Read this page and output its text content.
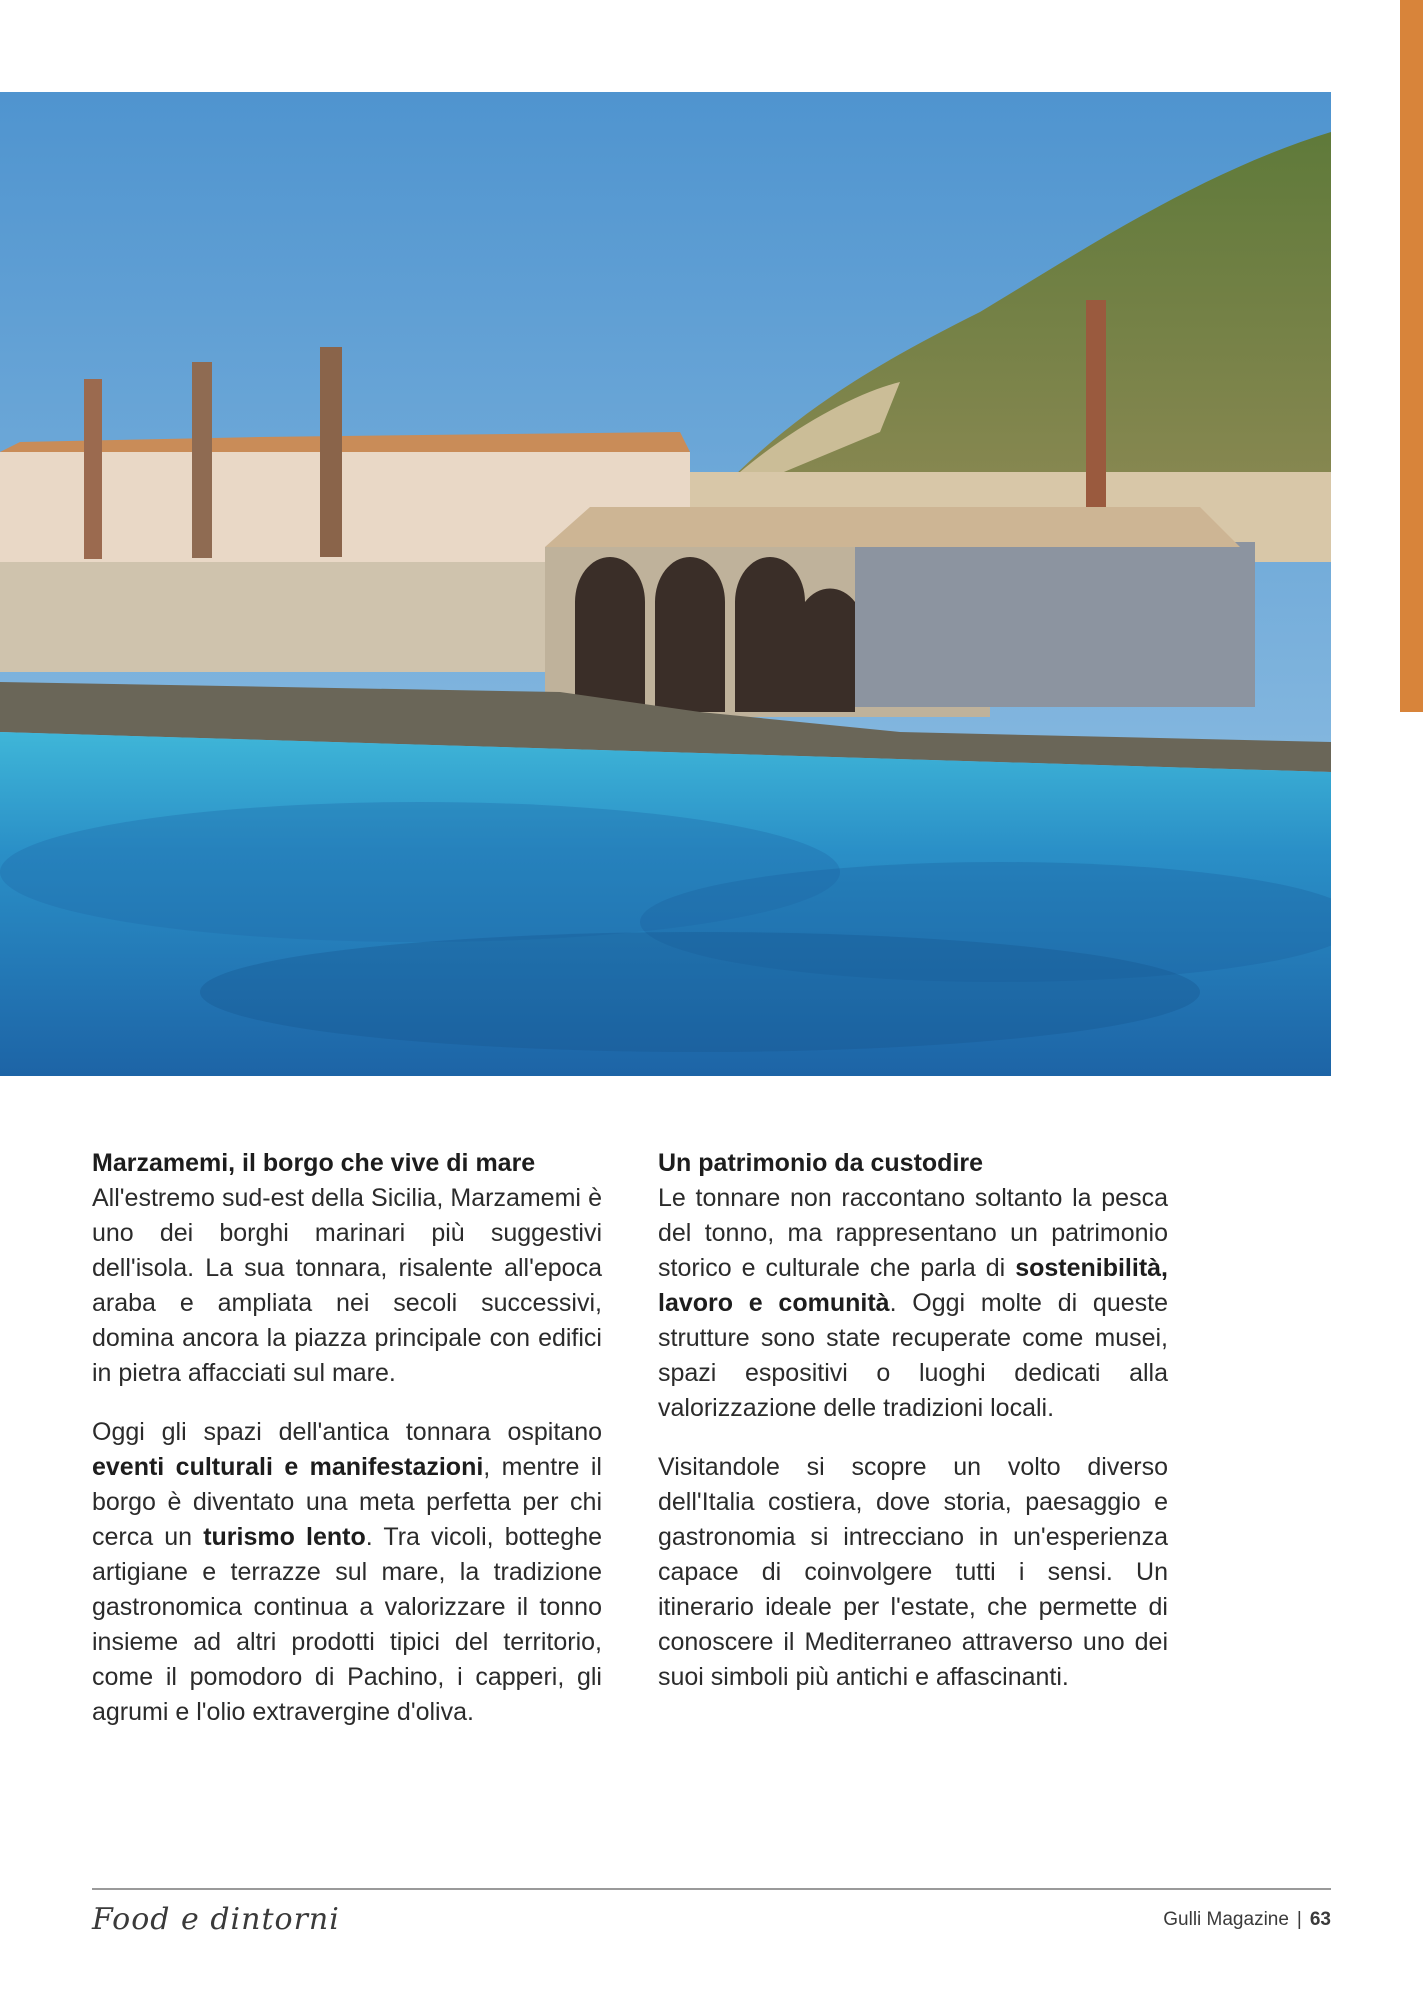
Marzamemi, il borgo che vive di mare

All'estremo sud-est della Sicilia, Marzamemi è uno dei borghi marinari più suggestivi dell'isola. La sua tonnara, risalente all'epoca araba e ampliata nei secoli successivi, domina ancora la piazza principale con edifici in pietra affacciati sul mare.

Oggi gli spazi dell'antica tonnara ospitano eventi culturali e manifestazioni, mentre il borgo è diventato una meta perfetta per chi cerca un turismo lento. Tra vicoli, botteghe artigiane e terrazze sul mare, la tradizione gastronomica continua a valorizzare il tonno insieme ad altri prodotti tipici del territorio, come il pomodoro di Pachino, i capperi, gli agrumi e l'olio extravergine d'oliva.

Un patrimonio da custodire

Le tonnare non raccontano soltanto la pesca del tonno, ma rappresentano un patrimonio storico e culturale che parla di sostenibilità, lavoro e comunità. Oggi molte di queste strutture sono state recuperate come musei, spazi espositivi o luoghi dedicati alla valorizzazione delle tradizioni locali.

Visitandole si scopre un volto diverso dell'Italia costiera, dove storia, paesaggio e gastronomia si intrecciano in un'esperienza capace di coinvolgere tutti i sensi. Un itinerario ideale per l'estate, che permette di conoscere il Mediterraneo attraverso uno dei suoi simboli più antichi e affascinanti.

Food e dintorni	Gulli Magazine | 63
